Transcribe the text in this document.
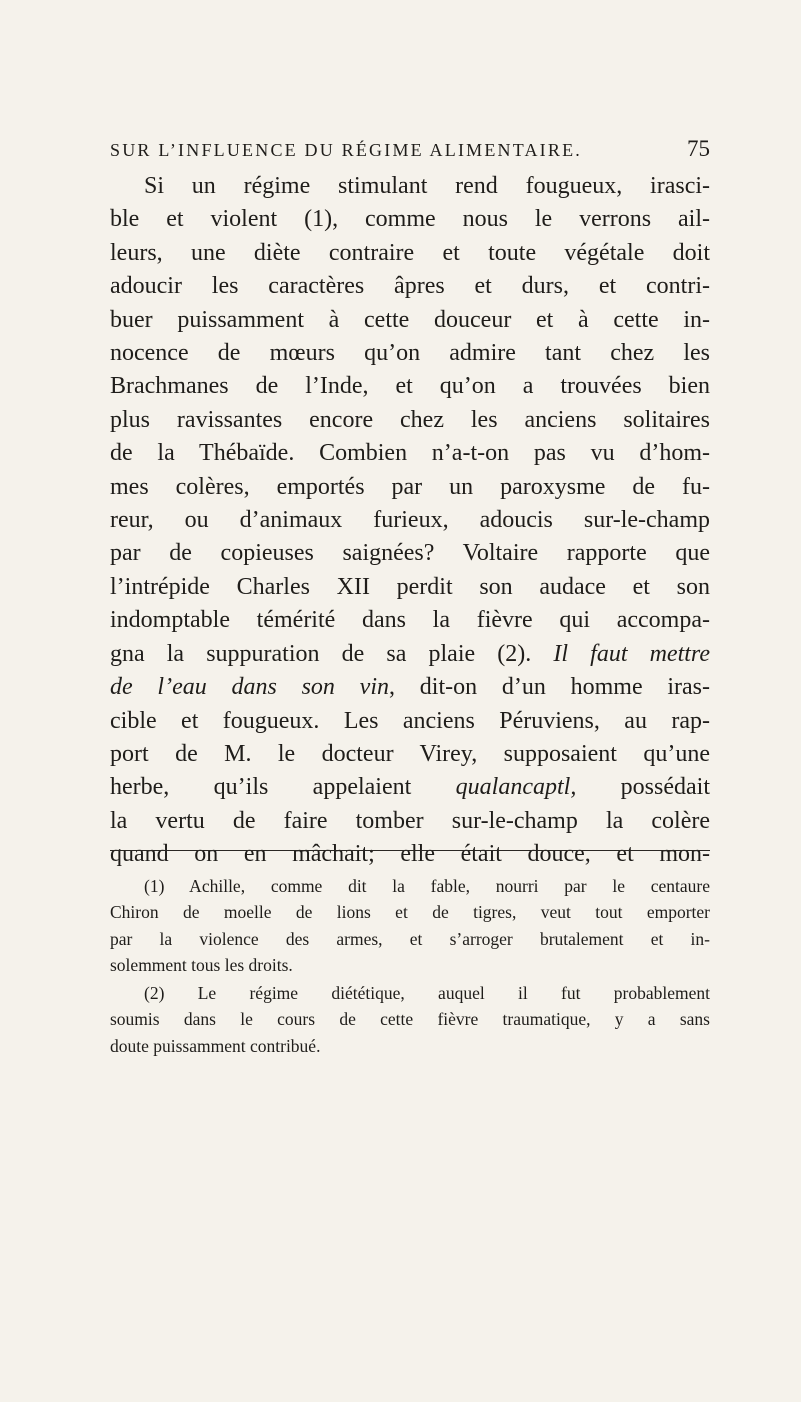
SUR L’INFLUENCE DU RÉGIME ALIMENTAIRE.	75
Si un régime stimulant rend fougueux, irasci-
ble et violent (1), comme nous le verrons ail-
leurs, une diète contraire et toute végétale doit
adoucir les caractères âpres et durs, et contri-
buer puissamment à cette douceur et à cette in-
nocence de mœurs qu’on admire tant chez les
Brachmanes de l’Inde, et qu’on a trouvées bien
plus ravissantes encore chez les anciens solitaires
de la Thébaïde. Combien n’a-t-on pas vu d’hom-
mes colères, emportés par un paroxysme de fu-
reur, ou d’animaux furieux, adoucis sur-le-champ
par de copieuses saignées? Voltaire rapporte que
l’intrépide Charles XII perdit son audace et son
indomptable témérité dans la fièvre qui accompa-
gna la suppuration de sa plaie (2). Il faut mettre
de l’eau dans son vin, dit-on d’un homme iras-
cible et fougueux. Les anciens Péruviens, au rap-
port de M. le docteur Virey, supposaient qu’une
herbe, qu’ils appelaient qualancaptl, possédait
la vertu de faire tomber sur-le-champ la colère
quand on en mâchait; elle était douce, et mon-
(1) Achille, comme dit la fable, nourri par le centaure
Chiron de moelle de lions et de tigres, veut tout emporter
par la violence des armes, et s’arroger brutalement et in-
solemment tous les droits.
(2) Le régime diététique, auquel il fut probablement
soumis dans le cours de cette fièvre traumatique, y a sans
doute puissamment contribué.
